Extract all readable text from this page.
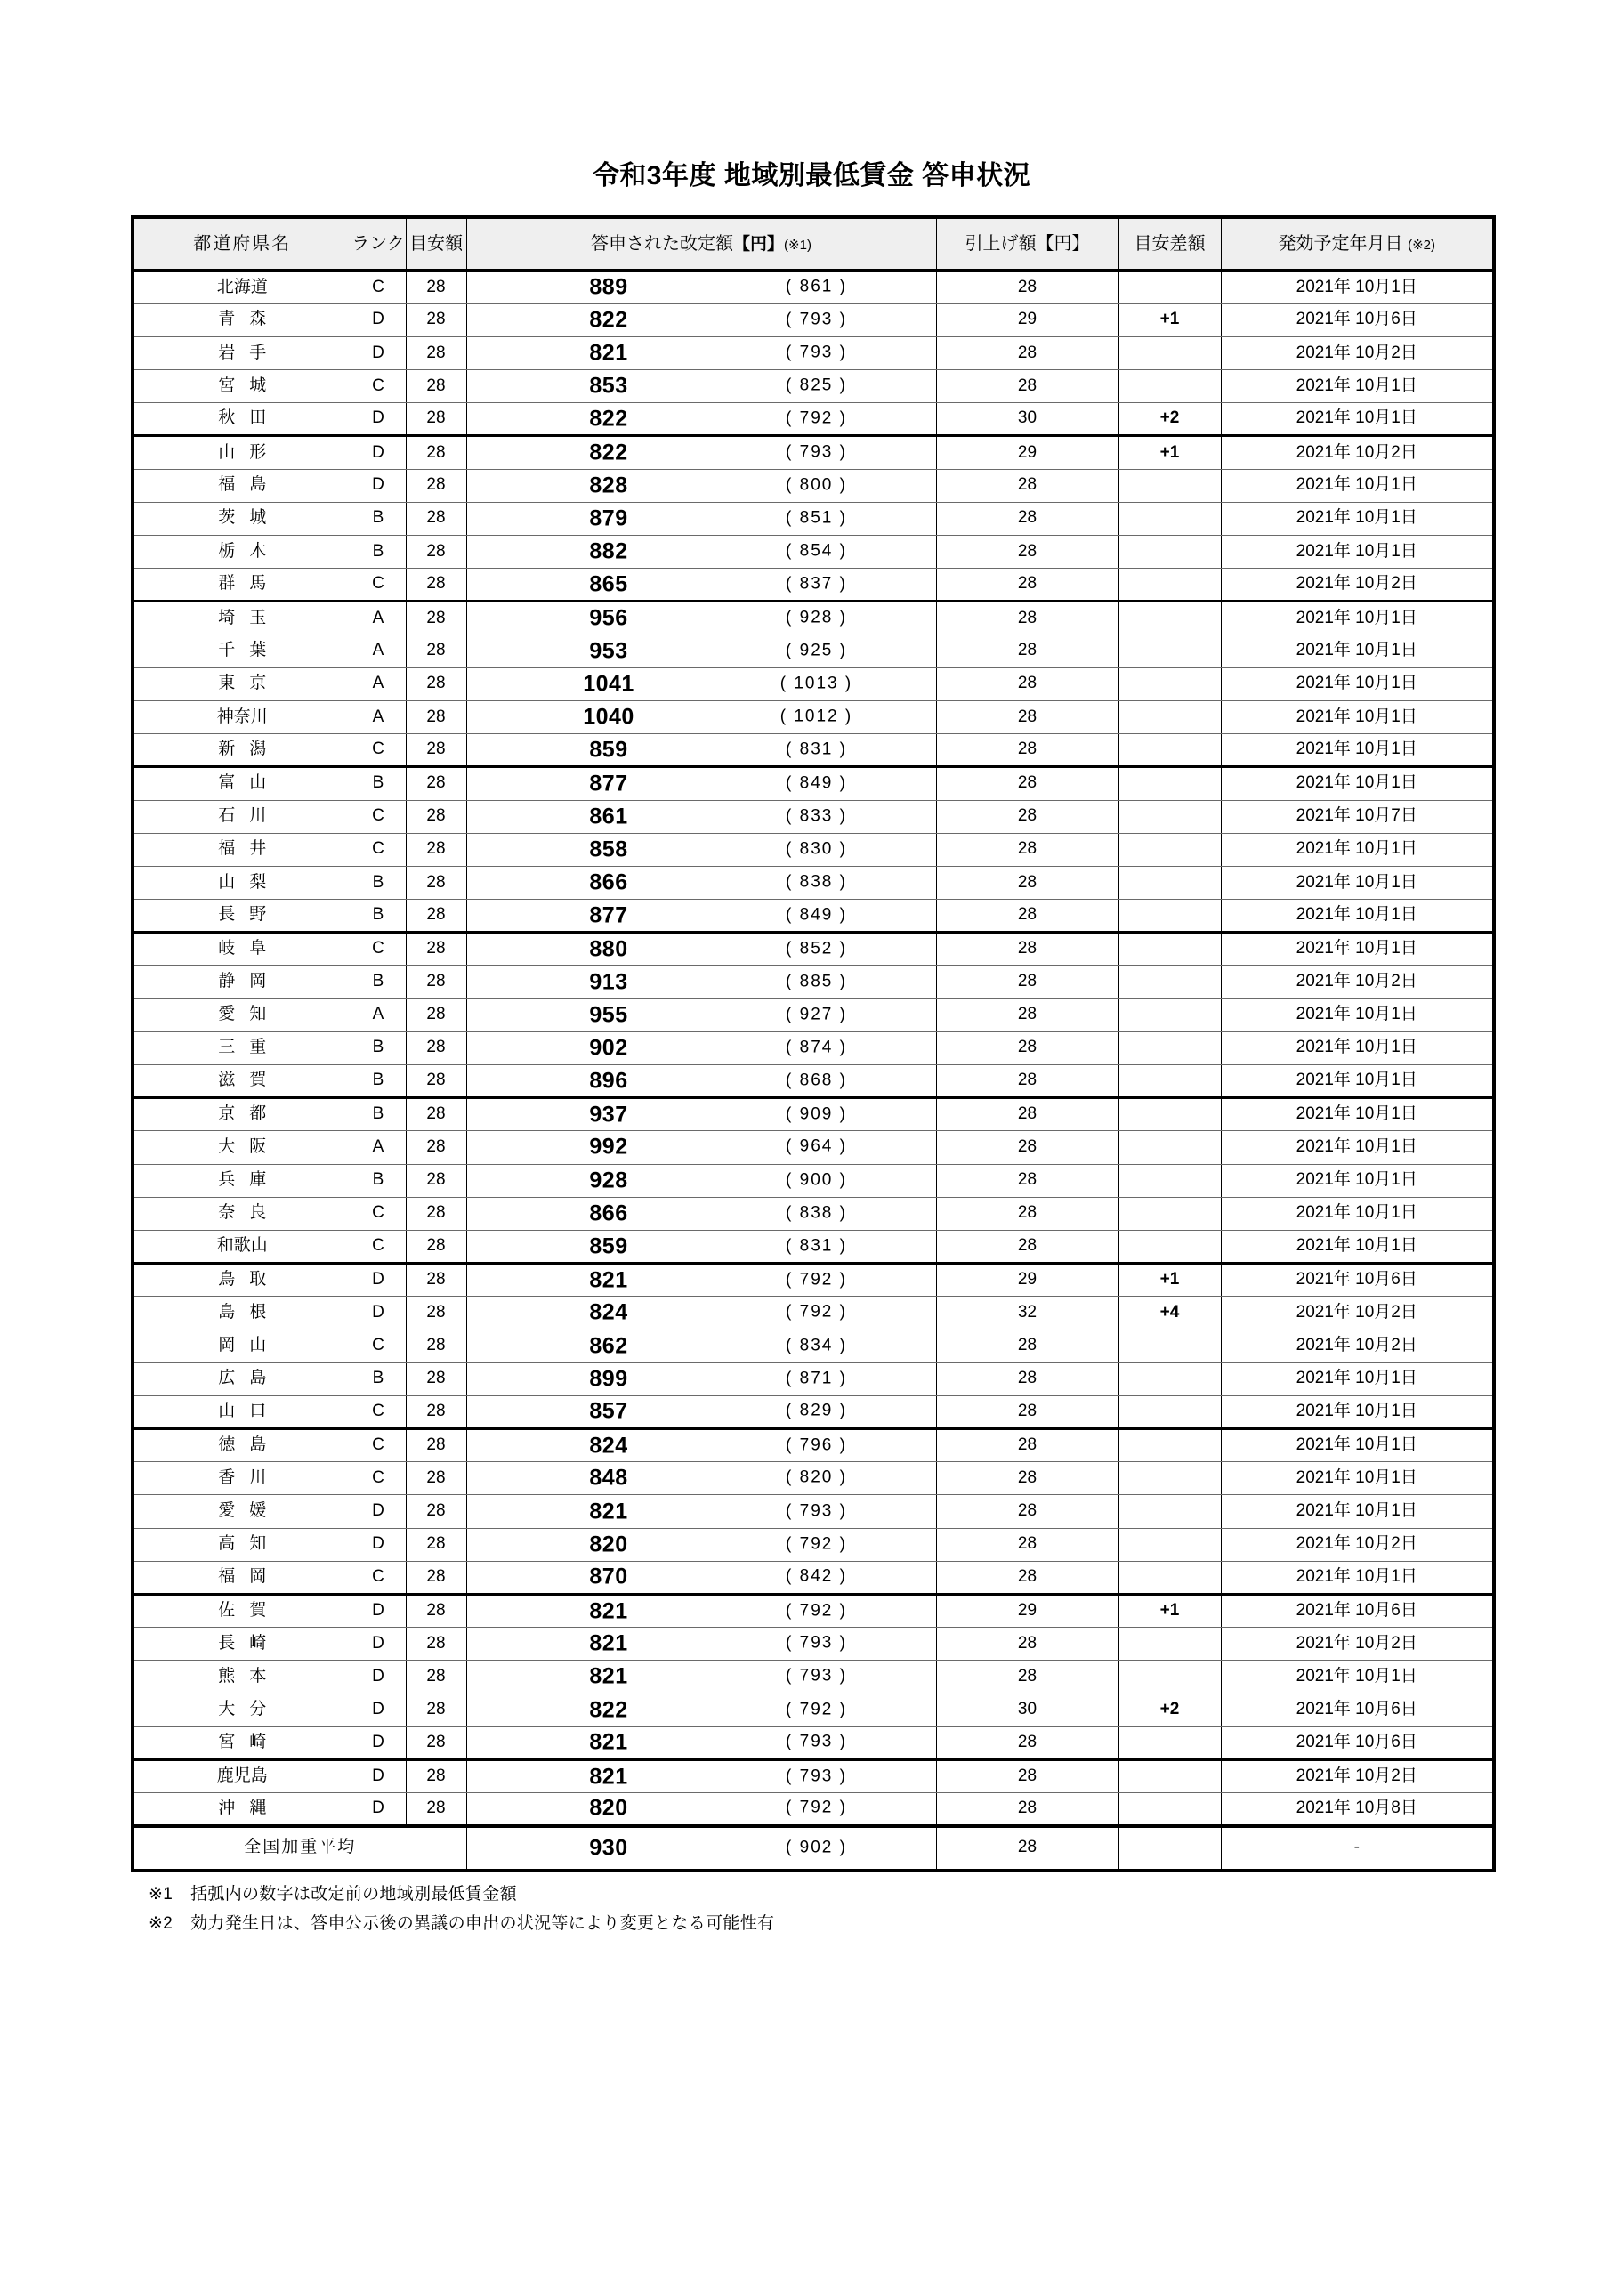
令和3年度 地域別最低賃金 答申状況
都道府県名	ランク	目安額	答申された改定額【円】(※1)	引上げ額【円】	目安差額	発効予定年月日 (※2)
北海道	C	28	889 ( 861 )	28		2021年 10月1日
青森	D	28	822 ( 793 )	29	+1	2021年 10月6日
岩手	D	28	821 ( 793 )	28		2021年 10月2日
宮城	C	28	853 ( 825 )	28		2021年 10月1日
秋田	D	28	822 ( 792 )	30	+2	2021年 10月1日
山形	D	28	822 ( 793 )	29	+1	2021年 10月2日
福島	D	28	828 ( 800 )	28		2021年 10月1日
茨城	B	28	879 ( 851 )	28		2021年 10月1日
栃木	B	28	882 ( 854 )	28		2021年 10月1日
群馬	C	28	865 ( 837 )	28		2021年 10月2日
埼玉	A	28	956 ( 928 )	28		2021年 10月1日
千葉	A	28	953 ( 925 )	28		2021年 10月1日
東京	A	28	1041 ( 1013 )	28		2021年 10月1日
神奈川	A	28	1040 ( 1012 )	28		2021年 10月1日
新潟	C	28	859 ( 831 )	28		2021年 10月1日
富山	B	28	877 ( 849 )	28		2021年 10月1日
石川	C	28	861 ( 833 )	28		2021年 10月7日
福井	C	28	858 ( 830 )	28		2021年 10月1日
山梨	B	28	866 ( 838 )	28		2021年 10月1日
長野	B	28	877 ( 849 )	28		2021年 10月1日
岐阜	C	28	880 ( 852 )	28		2021年 10月1日
静岡	B	28	913 ( 885 )	28		2021年 10月2日
愛知	A	28	955 ( 927 )	28		2021年 10月1日
三重	B	28	902 ( 874 )	28		2021年 10月1日
滋賀	B	28	896 ( 868 )	28		2021年 10月1日
京都	B	28	937 ( 909 )	28		2021年 10月1日
大阪	A	28	992 ( 964 )	28		2021年 10月1日
兵庫	B	28	928 ( 900 )	28		2021年 10月1日
奈良	C	28	866 ( 838 )	28		2021年 10月1日
和歌山	C	28	859 ( 831 )	28		2021年 10月1日
鳥取	D	28	821 ( 792 )	29	+1	2021年 10月6日
島根	D	28	824 ( 792 )	32	+4	2021年 10月2日
岡山	C	28	862 ( 834 )	28		2021年 10月2日
広島	B	28	899 ( 871 )	28		2021年 10月1日
山口	C	28	857 ( 829 )	28		2021年 10月1日
徳島	C	28	824 ( 796 )	28		2021年 10月1日
香川	C	28	848 ( 820 )	28		2021年 10月1日
愛媛	D	28	821 ( 793 )	28		2021年 10月1日
高知	D	28	820 ( 792 )	28		2021年 10月2日
福岡	C	28	870 ( 842 )	28		2021年 10月1日
佐賀	D	28	821 ( 792 )	29	+1	2021年 10月6日
長崎	D	28	821 ( 793 )	28		2021年 10月2日
熊本	D	28	821 ( 793 )	28		2021年 10月1日
大分	D	28	822 ( 792 )	30	+2	2021年 10月6日
宮崎	D	28	821 ( 793 )	28		2021年 10月6日
鹿児島	D	28	821 ( 793 )	28		2021年 10月2日
沖縄	D	28	820 ( 792 )	28		2021年 10月8日
全国加重平均			930 ( 902 )	28		-
※1 括弧内の数字は改定前の地域別最低賃金額
※2 効力発生日は、答申公示後の異議の申出の状況等により変更となる可能性有
